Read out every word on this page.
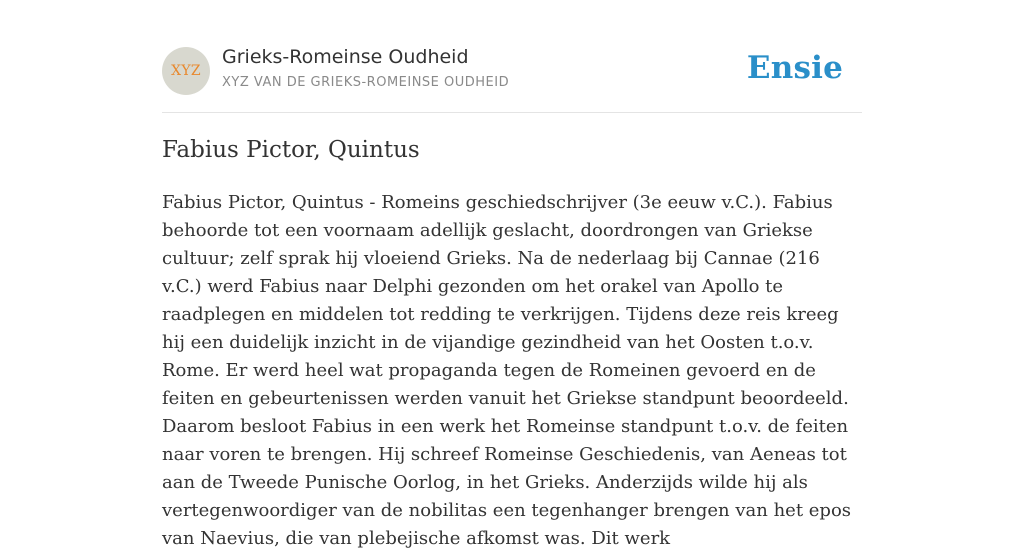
XYZ
Grieks-Romeinse Oudheid
XYZ VAN DE GRIEKS-ROMEINSE OUDHEID	Ensie
Fabius Pictor, Quintus

Fabius Pictor, Quintus - Romeins geschiedschrijver (3e eeuw v.C.). Fabius behoorde tot een voornaam adellijk geslacht, doordrongen van Griekse cultuur; zelf sprak hij vloeiend Grieks. Na de nederlaag bij Cannae (216 v.C.) werd Fabius naar Delphi gezonden om het orakel van Apollo te raadplegen en middelen tot redding te verkrijgen. Tijdens deze reis kreeg hij een duidelijk inzicht in de vijandige gezindheid van het Oosten t.o.v. Rome. Er werd heel wat propaganda tegen de Romeinen gevoerd en de feiten en gebeurtenissen werden vanuit het Griekse standpunt beoordeeld. Daarom besloot Fabius in een werk het Romeinse standpunt t.o.v. de feiten naar voren te brengen. Hij schreef Romeinse Geschiedenis, van Aeneas tot aan de Tweede Punische Oorlog, in het Grieks. Anderzijds wilde hij als vertegenwoordiger van de nobilitas een tegenhanger brengen van het epos van Naevius, die van plebejische afkomst was. Dit werk
